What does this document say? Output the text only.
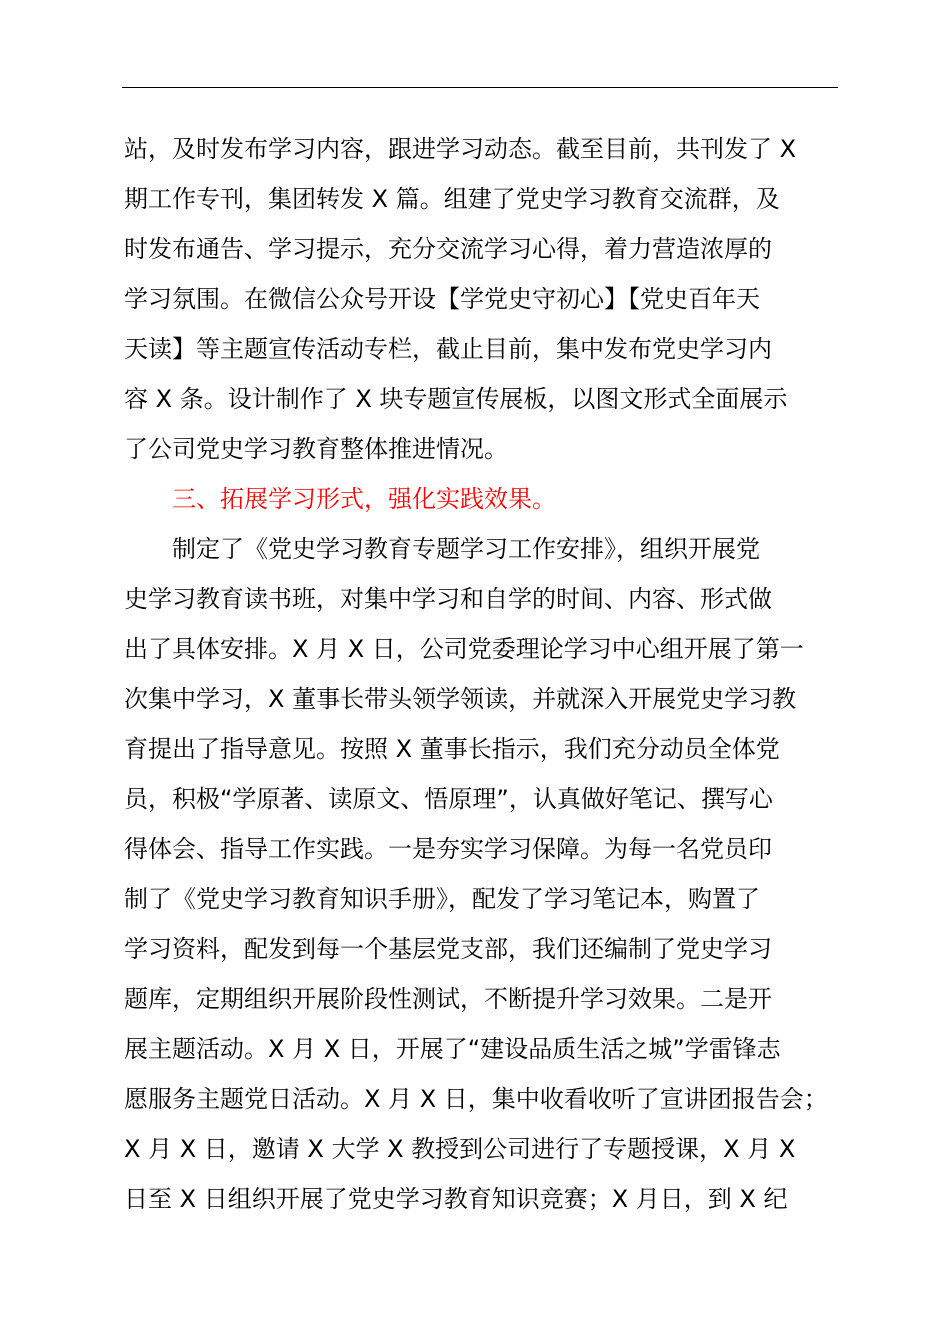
站，及时发布学习内容，跟进学习动态。截至目前，共刊发了 X
期工作专刊，集团转发 X 篇。组建了党史学习教育交流群，及
时发布通告、学习提示，充分交流学习心得，着力营造浓厚的
学习氛围。在微信公众号开设【学党史守初心】【党史百年天
天读】等主题宣传活动专栏，截止目前，集中发布党史学习内
容 X 条。设计制作了 X 块专题宣传展板，以图文形式全面展示
了公司党史学习教育整体推进情况。
三、拓展学习形式，强化实践效果。
制定了《党史学习教育专题学习工作安排》，组织开展党
史学习教育读书班，对集中学习和自学的时间、内容、形式做
出了具体安排。X 月 X 日，公司党委理论学习中心组开展了第一
次集中学习，X 董事长带头领学领读，并就深入开展党史学习教
育提出了指导意见。按照 X 董事长指示，我们充分动员全体党
员，积极“学原著、读原文、悟原理”，认真做好笔记、撰写心
得体会、指导工作实践。一是夯实学习保障。为每一名党员印
制了《党史学习教育知识手册》，配发了学习笔记本，购置了
学习资料，配发到每一个基层党支部，我们还编制了党史学习
题库，定期组织开展阶段性测试，不断提升学习效果。二是开
展主题活动。X 月 X 日，开展了“建设品质生活之城”学雷锋志
愿服务主题党日活动。X 月 X 日，集中收看收听了宣讲团报告会；
X 月 X 日，邀请 X 大学 X 教授到公司进行了专题授课，X 月 X
日至 X 日组织开展了党史学习教育知识竞赛；X 月日，到 X 纪
